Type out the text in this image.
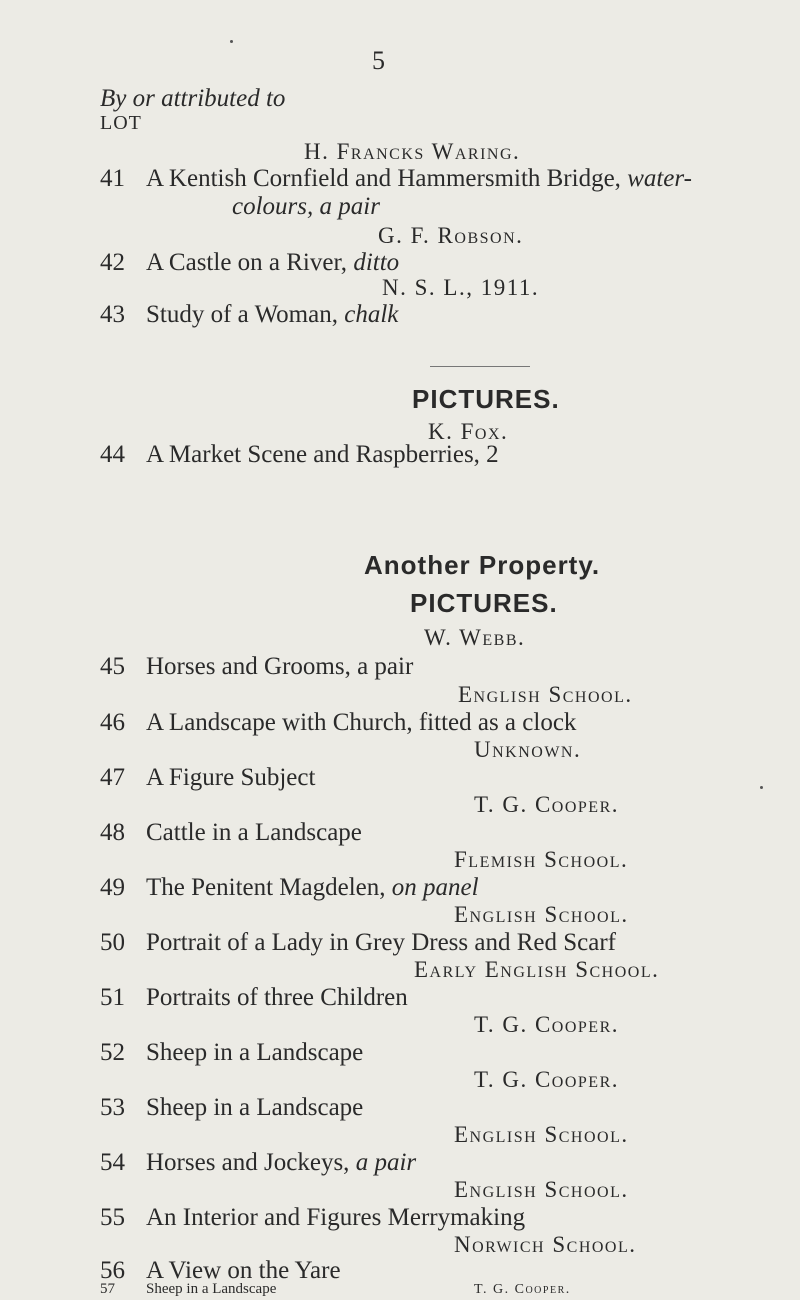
5
By or attributed to
LOT
H. Francks Waring.
41 A Kentish Cornfield and Hammersmith Bridge, water-
colours, a pair
G. F. Robson.
42 A Castle on a River, ditto
N. S. L., 1911.
43 Study of a Woman, chalk
PICTURES.
K. Fox.
44 A Market Scene and Raspberries, 2
Another Property.
PICTURES.
W. Webb.
45 Horses and Grooms, a pair
English School.
46 A Landscape with Church, fitted as a clock
Unknown.
47 A Figure Subject
T. G. Cooper.
48 Cattle in a Landscape
Flemish School.
49 The Penitent Magdelen, on panel
English School.
50 Portrait of a Lady in Grey Dress and Red Scarf
Early English School.
51 Portraits of three Children
T. G. Cooper.
52 Sheep in a Landscape
T. G. Cooper.
53 Sheep in a Landscape
English School.
54 Horses and Jockeys, a pair
English School.
55 An Interior and Figures Merrymaking
Norwich School.
56 A View on the Yare
T. G. Cooper.
57 Sheep in a Landscape
